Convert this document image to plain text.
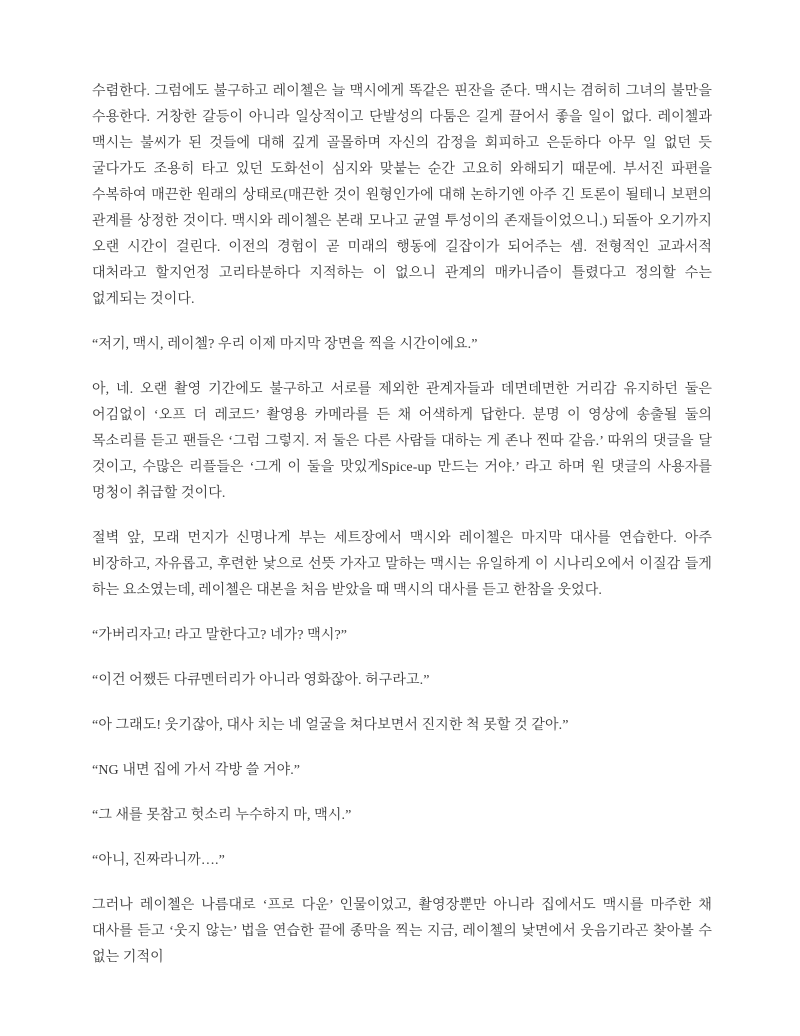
수렴한다. 그럼에도 불구하고 레이첼은 늘 맥시에게 똑같은 핀잔을 준다. 맥시는 겸허히 그녀의 불만을 수용한다. 거창한 갈등이 아니라 일상적이고 단발성의 다툼은 길게 끌어서 좋을 일이 없다. 레이첼과 맥시는 불씨가 된 것들에 대해 깊게 골몰하며 자신의 감정을 회피하고 은둔하다 아무 일 없던 듯 굴다가도 조용히 타고 있던 도화선이 심지와 맞붙는 순간 고요히 와해되기 때문에. 부서진 파편을 수복하여 매끈한 원래의 상태로(매끈한 것이 원형인가에 대해 논하기엔 아주 긴 토론이 될테니 보편의 관계를 상정한 것이다. 맥시와 레이첼은 본래 모나고 균열 투성이의 존재들이었으니.) 되돌아 오기까지 오랜 시간이 걸린다. 이전의 경험이 곧 미래의 행동에 길잡이가 되어주는 셈. 전형적인 교과서적 대처라고 할지언정 고리타분하다 지적하는 이 없으니 관계의 매카니즘이 틀렸다고 정의할 수는 없게되는 것이다.

“저기, 맥시, 레이첼? 우리 이제 마지막 장면을 찍을 시간이에요.”

아, 네. 오랜 촬영 기간에도 불구하고 서로를 제외한 관계자들과 데면데면한 거리감 유지하던 둘은 어김없이 ‘오프 더 레코드’ 촬영용 카메라를 든 채 어색하게 답한다. 분명 이 영상에 송출될 둘의 목소리를 듣고 팬들은 ‘그럼 그렇지. 저 둘은 다른 사람들 대하는 게 존나 찐따 같음.’ 따위의 댓글을 달 것이고, 수많은 리플들은 ‘그게 이 둘을 맛있게Spice-up 만드는 거야.’ 라고 하며 원 댓글의 사용자를 멍청이 취급할 것이다.

절벽 앞, 모래 먼지가 신명나게 부는 세트장에서 맥시와 레이첼은 마지막 대사를 연습한다. 아주 비장하고, 자유롭고, 후련한 낯으로 선뜻 가자고 말하는 맥시는 유일하게 이 시나리오에서 이질감 들게 하는 요소였는데, 레이첼은 대본을 처음 받았을 때 맥시의 대사를 듣고 한참을 웃었다.

“가버리자고! 라고 말한다고? 네가? 맥시?”

“이건 어쨌든 다큐멘터리가 아니라 영화잖아. 허구라고.”

“아 그래도! 웃기잖아, 대사 치는 네 얼굴을 쳐다보면서 진지한 척 못할 것 같아.”

“NG 내면 집에 가서 각방 쓸 거야.”

“그 새를 못참고 헛소리 누수하지 마, 맥시.”

“아니, 진짜라니까….”

그러나 레이첼은 나름대로 ‘프로 다운’ 인물이었고, 촬영장뿐만 아니라 집에서도 맥시를 마주한 채 대사를 듣고 ‘웃지 않는’ 법을 연습한 끝에 종막을 찍는 지금, 레이첼의 낯면에서 웃음기라곤 찾아볼 수 없는 기적이
